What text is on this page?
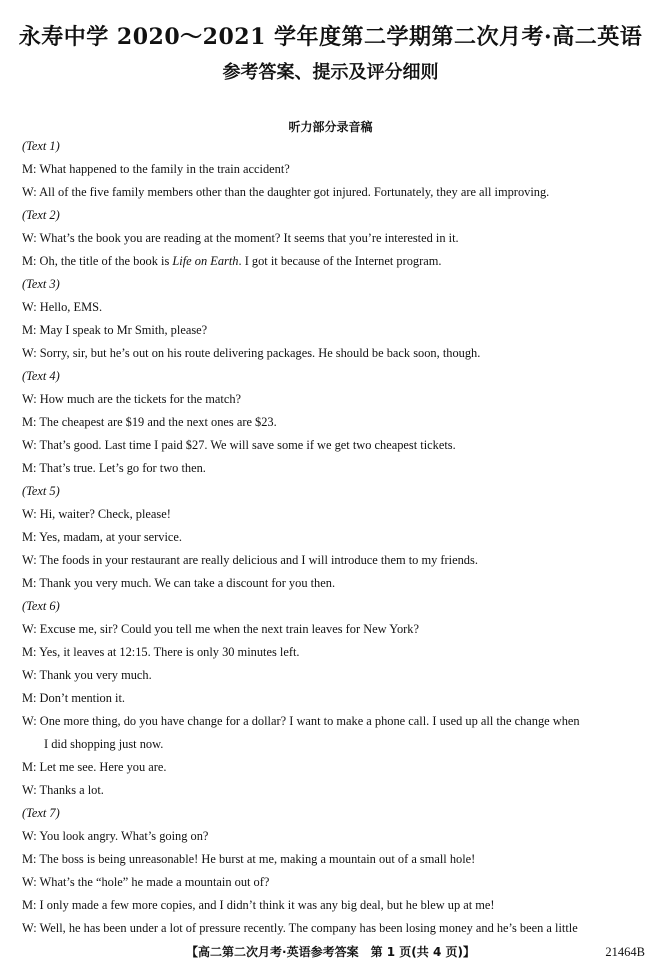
永寿中学 2020～2021 学年度第二学期第二次月考·高二英语
参考答案、提示及评分细则
听力部分录音稿
(Text 1)
M: What happened to the family in the train accident?
W: All of the five family members other than the daughter got injured. Fortunately, they are all improving.
(Text 2)
W: What’s the book you are reading at the moment? It seems that you’re interested in it.
M: Oh, the title of the book is Life on Earth. I got it because of the Internet program.
(Text 3)
W: Hello, EMS.
M: May I speak to Mr Smith, please?
W: Sorry, sir, but he’s out on his route delivering packages. He should be back soon, though.
(Text 4)
W: How much are the tickets for the match?
M: The cheapest are $19 and the next ones are $23.
W: That’s good. Last time I paid $27. We will save some if we get two cheapest tickets.
M: That’s true. Let’s go for two then.
(Text 5)
W: Hi, waiter? Check, please!
M: Yes, madam, at your service.
W: The foods in your restaurant are really delicious and I will introduce them to my friends.
M: Thank you very much. We can take a discount for you then.
(Text 6)
W: Excuse me, sir? Could you tell me when the next train leaves for New York?
M: Yes, it leaves at 12:15. There is only 30 minutes left.
W: Thank you very much.
M: Don’t mention it.
W: One more thing, do you have change for a dollar? I want to make a phone call. I used up all the change when
I did shopping just now.
M: Let me see. Here you are.
W: Thanks a lot.
(Text 7)
W: You look angry. What’s going on?
M: The boss is being unreasonable! He burst at me, making a mountain out of a small hole!
W: What’s the “hole” he made a mountain out of?
M: I only made a few more copies, and I didn’t think it was any big deal, but he blew up at me!
W: Well, he has been under a lot of pressure recently. The company has been losing money and he’s been a little
【高二第二次月考·英语参考答案　第 1 页(共 4 页)】	21464B
